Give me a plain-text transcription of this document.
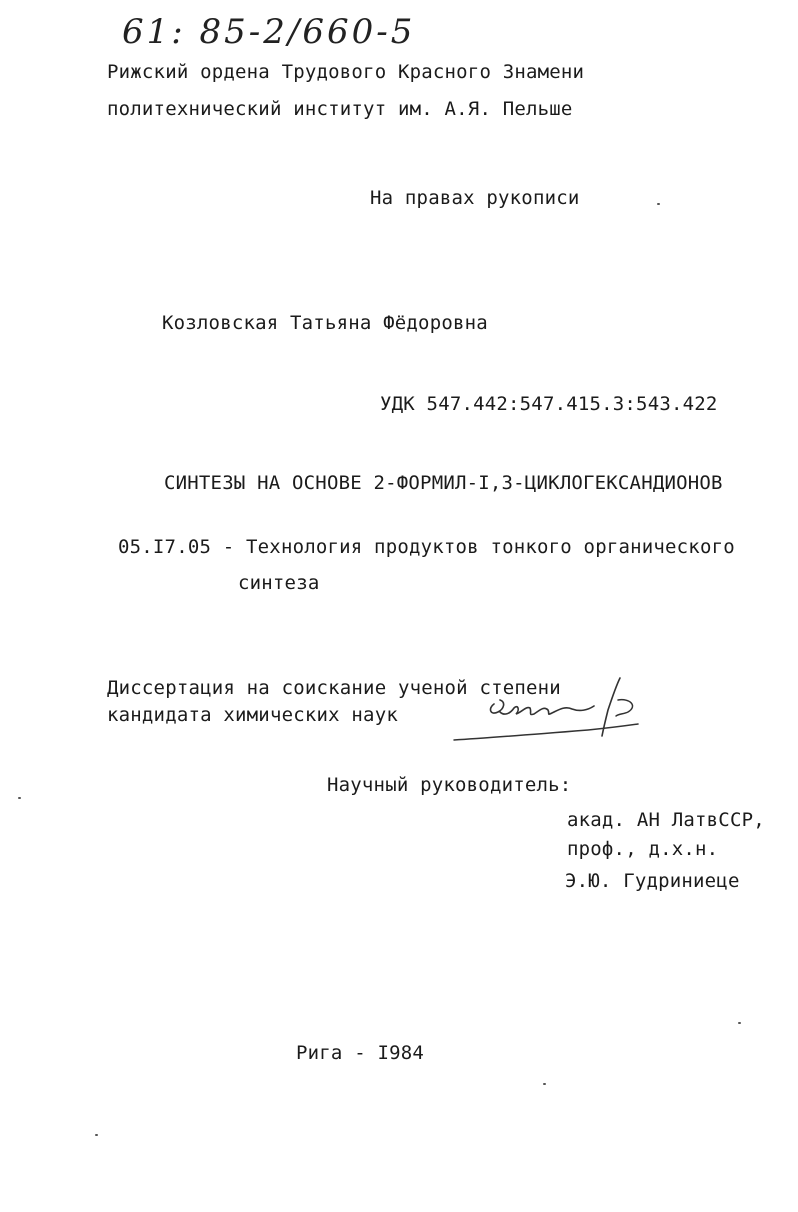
61: 85-2/660-5
Рижский ордена Трудового Красного Знамени
политехнический институт им. А.Я. Пельше
На правах рукописи
Козловская Татьяна Фёдоровна
УДК 547.442:547.415.3:543.422
СИНТЕЗЫ НА ОСНОВЕ 2-ФОРМИЛ-I,3-ЦИКЛОГЕКСАНДИОНОВ
05.I7.05 - Технология продуктов тонкого органического
синтеза
Диссертация на соискание ученой степени
кандидата химических наук
Научный руководитель:
акад. АН ЛатвССР,
проф., д.х.н.
Э.Ю. Гудриниеце
Рига - I984
